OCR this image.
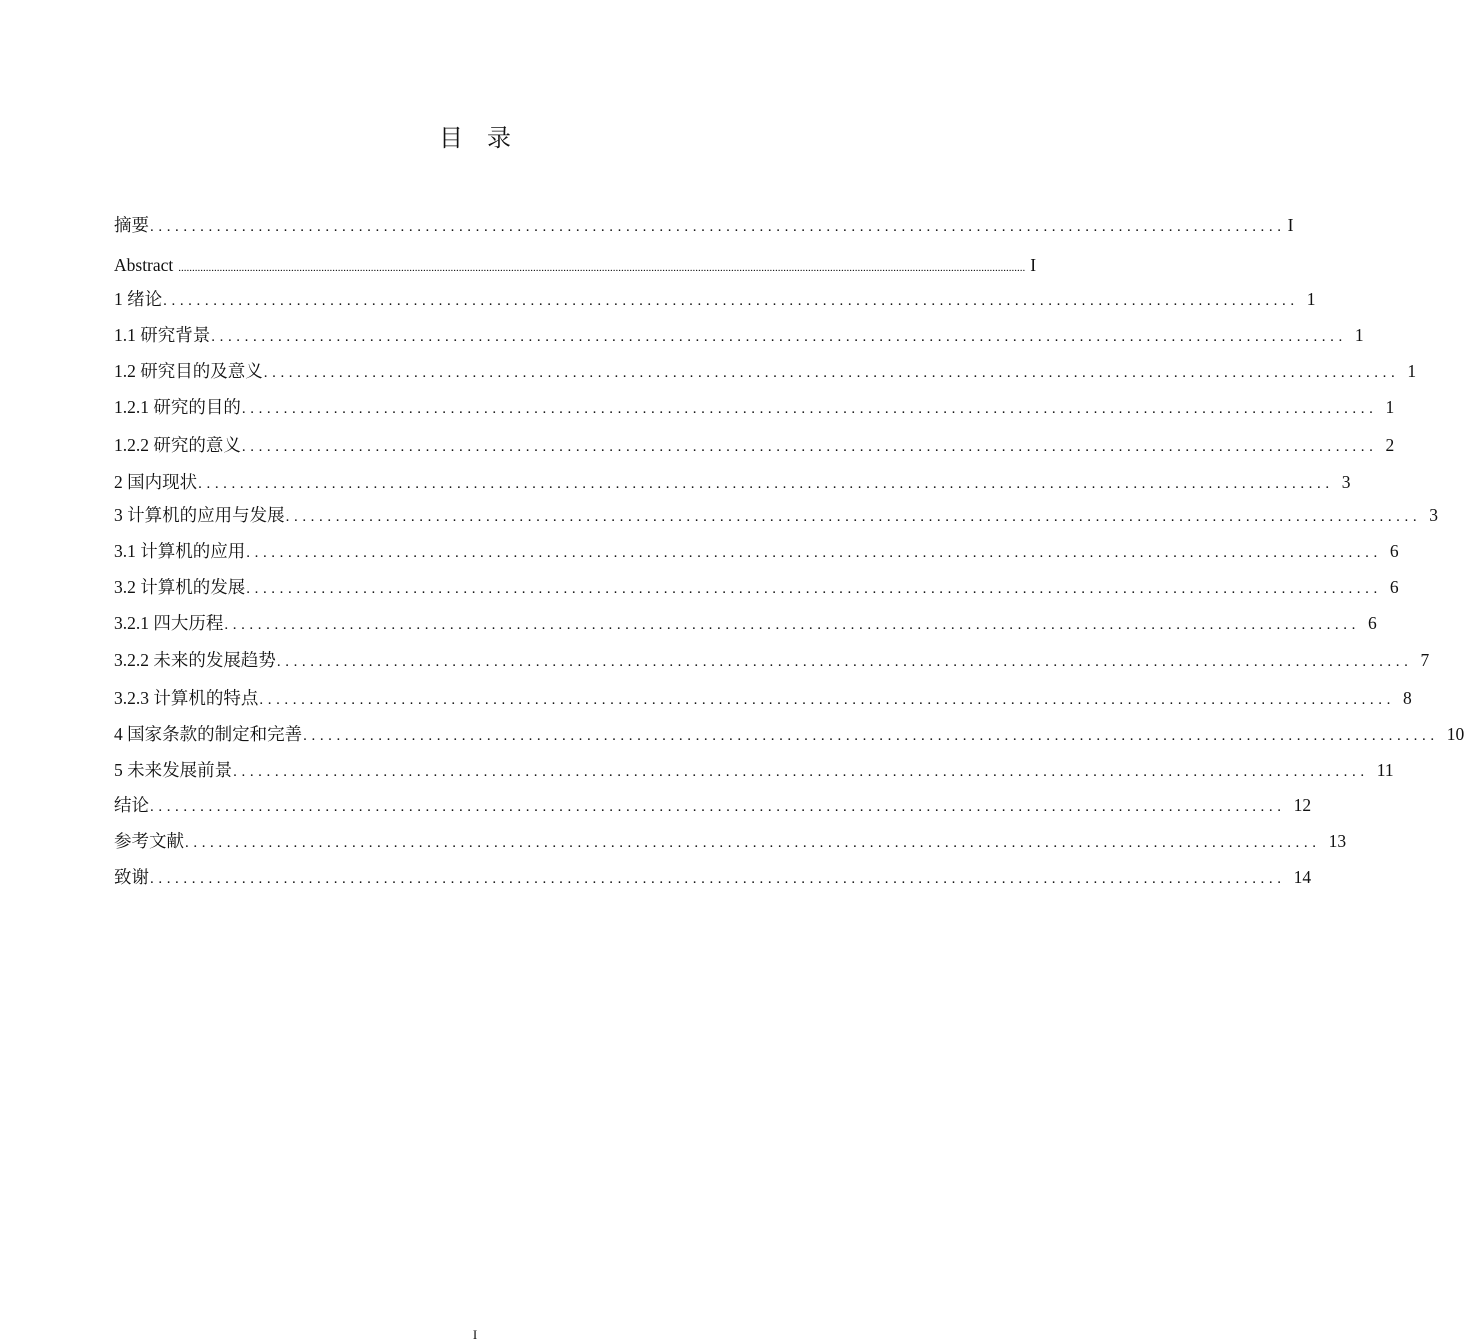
目　录
摘要 ........................................................................................................................................ I
Abstract .................................................................................................................................................................................................................................................................................................................... I
1 绪论 ........................................................................................................................................ 1
1.1 研究背景 ........................................................................................................................................ 1
1.2 研究目的及意义 ........................................................................................................................................ 1
1.2.1 研究的目的 ........................................................................................................................................ 1
1.2.2 研究的意义 ........................................................................................................................................ 2
2 国内现状 ........................................................................................................................................ 3
3 计算机的应用与发展 ........................................................................................................................................ 3
3.1 计算机的应用 ........................................................................................................................................ 6
3.2 计算机的发展 ........................................................................................................................................ 6
3.2.1 四大历程 ........................................................................................................................................ 6
3.2.2 未来的发展趋势 ........................................................................................................................................ 7
3.2.3 计算机的特点 ........................................................................................................................................ 8
4 国家条款的制定和完善 ........................................................................................................................................ 10
5 未来发展前景 ........................................................................................................................................ 11
结论 ........................................................................................................................................ 12
参考文献 ........................................................................................................................................ 13
致谢 ........................................................................................................................................ 14
I
